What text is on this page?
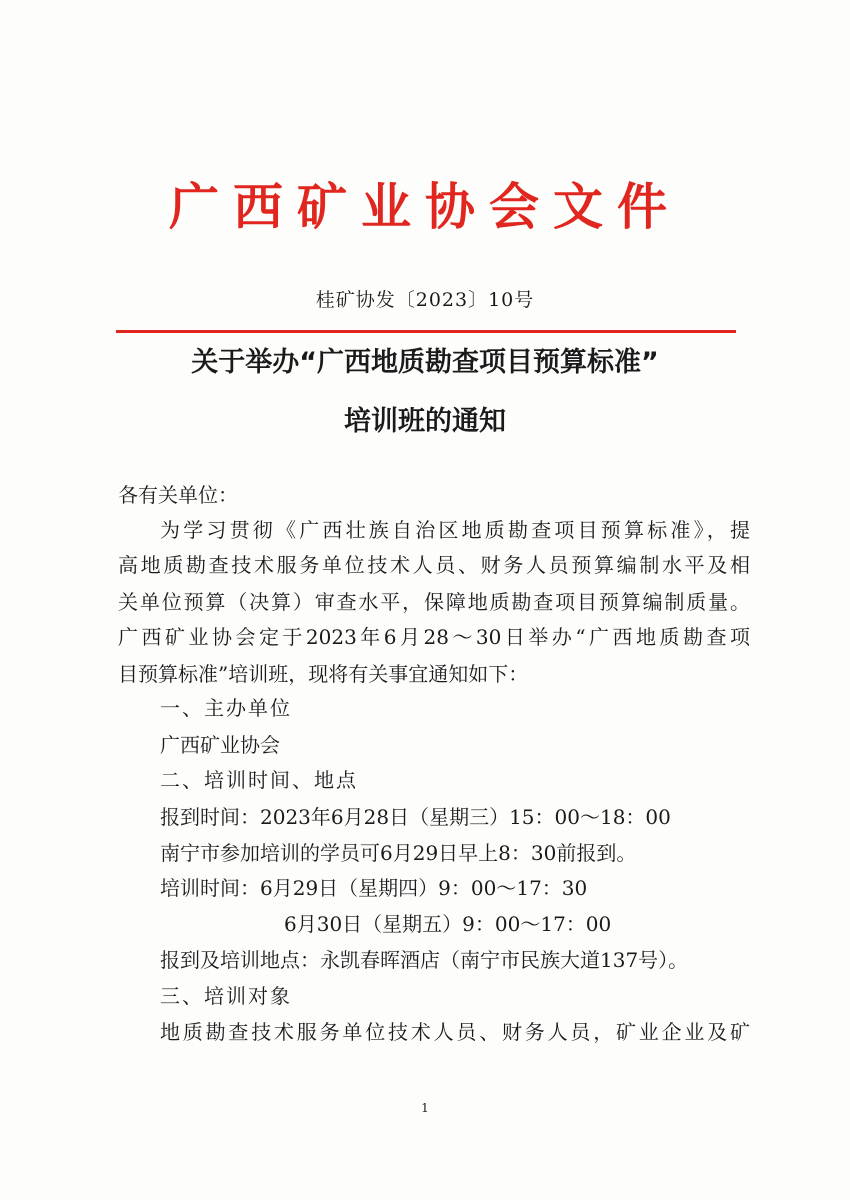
广西矿业协会文件
桂矿协发〔2023〕10号
关于举办“广西地质勘查项目预算标准”
培训班的通知
各有关单位：
为学习贯彻《广西壮族自治区地质勘查项目预算标准》，提
高地质勘查技术服务单位技术人员、财务人员预算编制水平及相
关单位预算（决算）审查水平，保障地质勘查项目预算编制质量。
广西矿业协会定于2023年6月28～30日举办“广西地质勘查项
目预算标准”培训班，现将有关事宜通知如下：
一、主办单位
广西矿业协会
二、培训时间、地点
报到时间：2023年6月28日（星期三）15：00～18：00
南宁市参加培训的学员可6月29日早上8：30前报到。
培训时间：6月29日（星期四）9：00～17：30
6月30日（星期五）9：00～17：00
报到及培训地点：永凯春晖酒店（南宁市民族大道137号）。
三、培训对象
地质勘查技术服务单位技术人员、财务人员，矿业企业及矿
1
